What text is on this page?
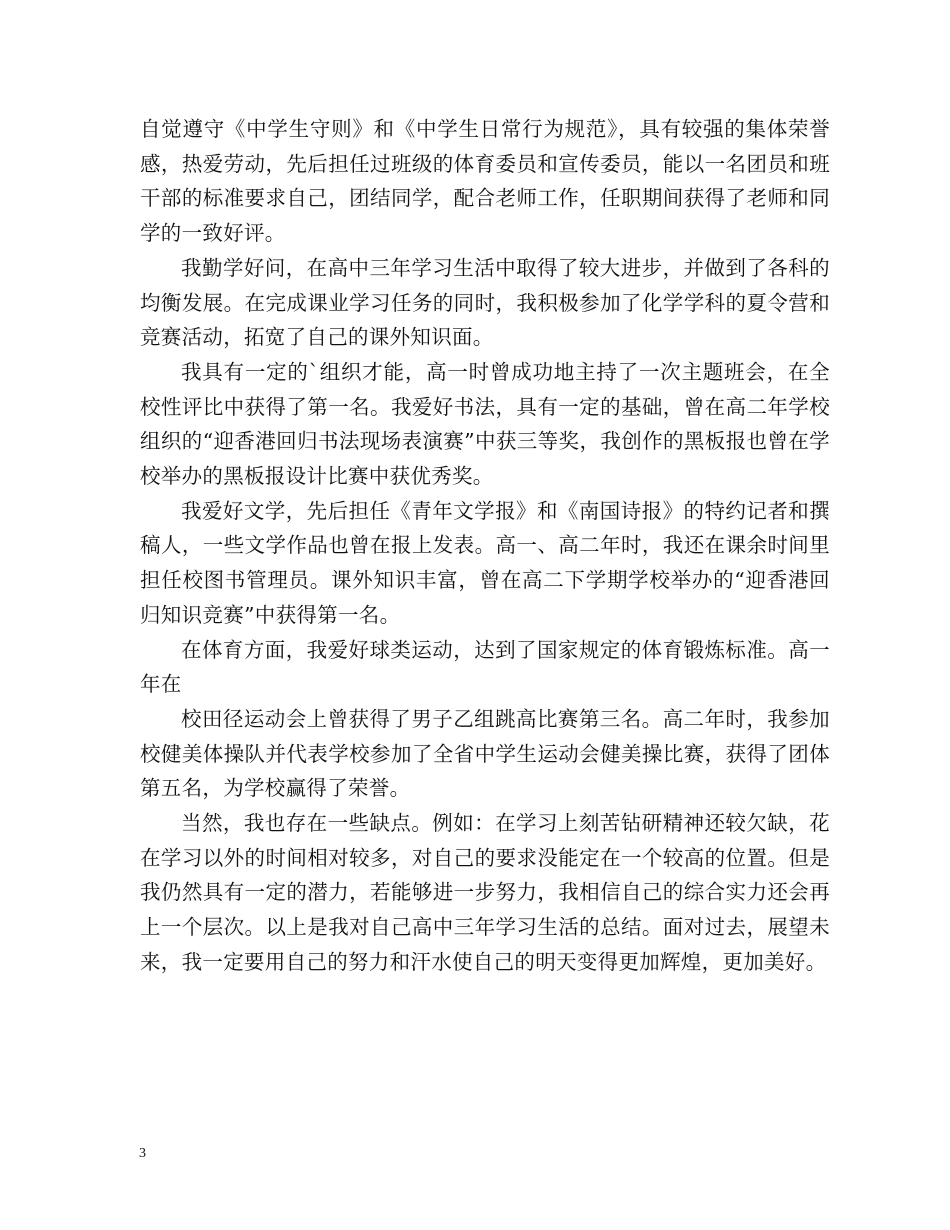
自觉遵守《中学生守则》和《中学生日常行为规范》，具有较强的集体荣誉感，热爱劳动，先后担任过班级的体育委员和宣传委员，能以一名团员和班干部的标准要求自己，团结同学，配合老师工作，任职期间获得了老师和同学的一致好评。

我勤学好问，在高中三年学习生活中取得了较大进步，并做到了各科的均衡发展。在完成课业学习任务的同时，我积极参加了化学学科的夏令营和竞赛活动，拓宽了自己的课外知识面。

我具有一定的`组织才能，高一时曾成功地主持了一次主题班会，在全校性评比中获得了第一名。我爱好书法，具有一定的基础，曾在高二年学校组织的“迎香港回归书法现场表演赛”中获三等奖，我创作的黑板报也曾在学校举办的黑板报设计比赛中获优秀奖。

我爱好文学，先后担任《青年文学报》和《南国诗报》的特约记者和撰稿人，一些文学作品也曾在报上发表。高一、高二年时，我还在课余时间里担任校图书管理员。课外知识丰富，曾在高二下学期学校举办的“迎香港回归知识竞赛”中获得第一名。

在体育方面，我爱好球类运动，达到了国家规定的体育锻炼标准。高一年在

校田径运动会上曾获得了男子乙组跳高比赛第三名。高二年时，我参加校健美体操队并代表学校参加了全省中学生运动会健美操比赛，获得了团体第五名，为学校赢得了荣誉。

当然，我也存在一些缺点。例如：在学习上刻苦钻研精神还较欠缺，花在学习以外的时间相对较多，对自己的要求没能定在一个较高的位置。但是我仍然具有一定的潜力，若能够进一步努力，我相信自己的综合实力还会再上一个层次。以上是我对自己高中三年学习生活的总结。面对过去，展望未来，我一定要用自己的努力和汗水使自己的明天变得更加辉煌，更加美好。

3
